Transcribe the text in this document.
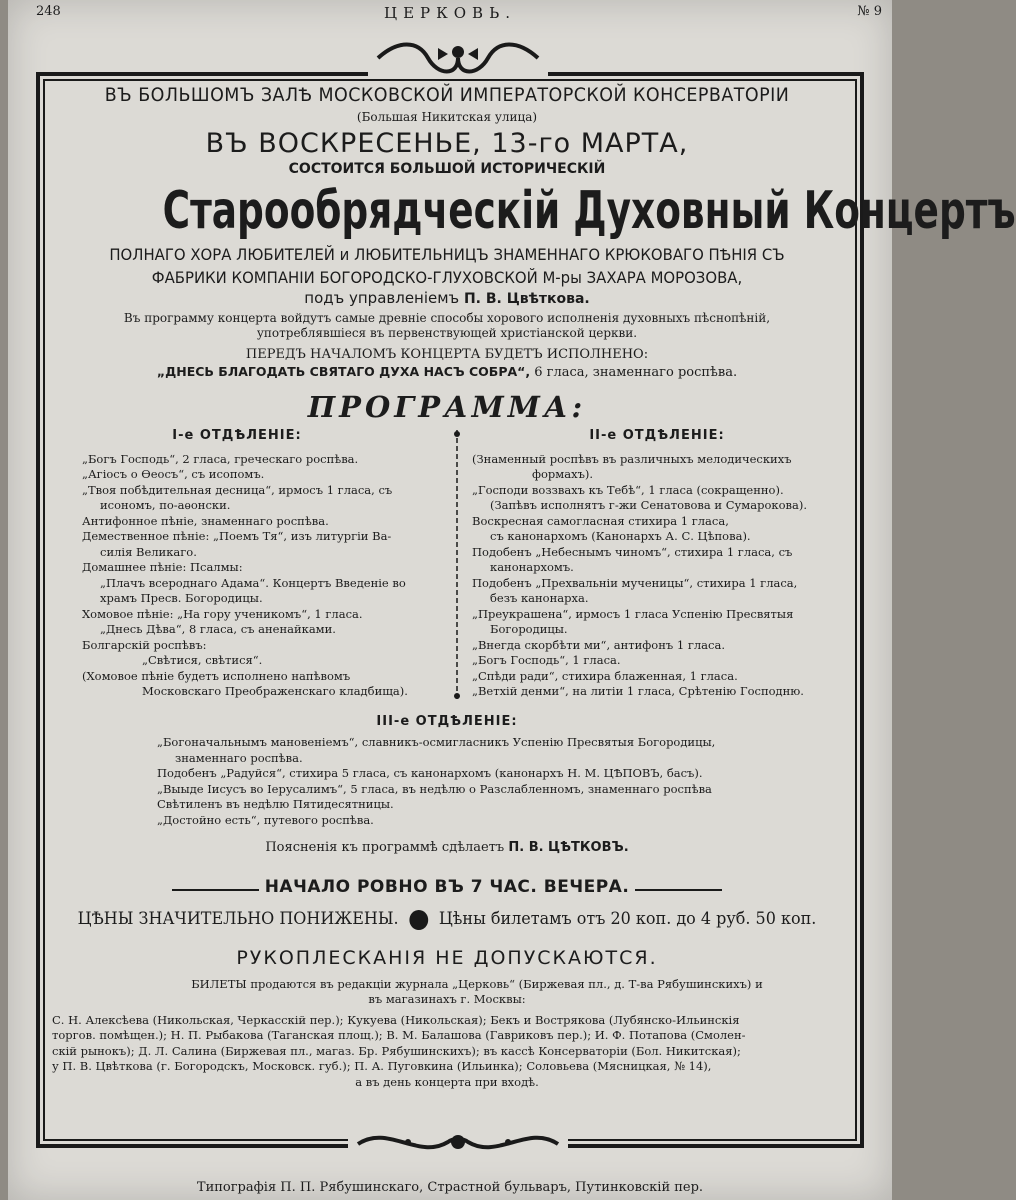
248	ЦЕРКОВЬ.	№ 9

ВЪ БОЛЬШОМЪ ЗАЛѢ МОСКОВСКОЙ ИМПЕРАТОРСКОЙ КОНСЕРВАТОРІИ

(Большая Никитская улица)

ВЪ ВОСКРЕСЕНЬЕ, 13-го МАРТА,

СОСТОИТСЯ БОЛЬШОЙ ИСТОРИЧЕСКІЙ

Старообрядческій Духовный Концертъ

ПОЛНАГО ХОРА ЛЮБИТЕЛЕЙ и ЛЮБИТЕЛЬНИЦЪ ЗНАМЕННАГО КРЮКОВАГО ПѢНІЯ СЪ

ФАБРИКИ КОМПАНІИ БОГОРОДСКО-ГЛУХОВСКОЙ М-ры ЗАХАРА МОРОЗОВА,

подъ управленіемъ П. В. Цвѣткова.

Въ программу концерта войдутъ самые древніе способы хорового исполненія духовныхъ пѣснопѣній, употреблявшіеся въ первенствующей христіанской церкви.

ПЕРЕДЪ НАЧАЛОМЪ КОНЦЕРТА БУДЕТЪ ИСПОЛНЕНО:

„ДНЕСЬ БЛАГОДАТЬ СВЯТАГО ДУХА НАСЪ СОБРА“, 6 гласа, знаменнаго роспѣва.

ПРОГРАММА:

I-е ОТДѢЛЕНІЕ:
„Богъ Господь“, 2 гласа, греческаго роспѣва.
„Агіосъ о Ѳеосъ“, съ исопомъ.
„Твоя побѣдительная десница“, ирмосъ 1 гласа, съ
исономъ, по-аѳонски.
Антифонное пѣніе, знаменнаго роспѣва.
Демественное пѣніе: „Поемъ Тя“, изъ литургіи Ва-
силія Великаго.
Домашнее пѣніе: Псалмы:
„Плачъ всероднаго Адама“. Концертъ Введеніе во
храмъ Пресв. Богородицы.
Хомовое пѣніе: „На гору ученикомъ“, 1 гласа.
„Днесь Дѣва“, 8 гласа, съ аненайками.
Болгарскій роспѣвъ:
„Свѣтися, свѣтися“.
(Хомовое пѣніе будетъ исполнено напѣвомъ
Московскаго Преображенскаго кладбища).
II-е ОТДѢЛЕНІЕ:
(Знаменный роспѣвъ въ различныхъ мелодическихъ
формахъ).
„Господи воззвахъ къ Тебѣ“, 1 гласа (сокращенно).
(Запѣвъ исполнятъ г-жи Сенатовова и Сумарокова).
Воскресная самогласная стихира 1 гласа,
съ канонархомъ (Канонархъ А. С. Цѣпова).
Подобенъ „Небеснымъ чиномъ“, стихира 1 гласа, съ
канонархомъ.
Подобенъ „Прехвальніи мученицы“, стихира 1 гласа,
безъ канонарха.
„Преукрашена“, ирмосъ 1 гласа Успенію Пресвятыя
Богородицы.
„Внегда скорбѣти ми“, антифонъ 1 гласа.
„Богъ Господь“, 1 гласа.
„Спѣди ради“, стихира блаженная, 1 гласа.
„Ветхій денми“, на литіи 1 гласа, Срѣтенію Господню.
III-е ОТДѢЛЕНІЕ:
„Богоначальнымъ мановеніемъ“, славникъ-осмигласникъ Успенію Пресвятыя Богородицы,
знаменнаго роспѣва.
Подобенъ „Радуйся“, стихира 5 гласа, съ канонархомъ (канонархъ Н. М. ЦѢПОВЪ, басъ).
„Выыде Іисусъ во Іерусалимъ“, 5 гласа, въ недѣлю о Разслабленномъ, знаменнаго роспѣва
Свѣтиленъ въ недѣлю Пятидесятницы.
„Достойно есть“, путевого роспѣва.

Поясненія къ программѣ сдѣлаетъ П. В. ЦѢТКОВЪ.

НАЧАЛО РОВНО ВЪ 7 ЧАС. ВЕЧЕРА.

ЦѢНЫ ЗНАЧИТЕЛЬНО ПОНИЖЕНЫ. Цѣны билетамъ отъ 20 коп. до 4 руб. 50 коп.

РУКОПЛЕСКАНІЯ НЕ ДОПУСКАЮТСЯ.

БИЛЕТЫ продаются въ редакціи журнала „Церковь“ (Биржевая пл., д. Т-ва Рябушинскихъ) и
въ магазинахъ г. Москвы:
С. Н. Алексѣева (Никольская, Черкасскій пер.); Кукуева (Никольская); Бекъ и Вострякова (Лубянско-Ильинскія
торгов. помѣщен.); Н. П. Рыбакова (Таганская площ.); В. М. Балашова (Гавриковъ пер.); И. Ф. Потапова (Смолен-
скій рынокъ); Д. Л. Салина (Биржевая пл., магаз. Бр. Рябушинскихъ); въ кассѣ Консерваторіи (Бол. Никитская);
у П. В. Цвѣткова (г. Богородскъ, Московск. губ.); П. А. Пуговкина (Ильинка); Соловьева (Мясницкая, № 14),
а въ день концерта при входѣ.
Типографія П. П. Рябушинскаго, Страстной бульваръ, Путинковскій пер.
